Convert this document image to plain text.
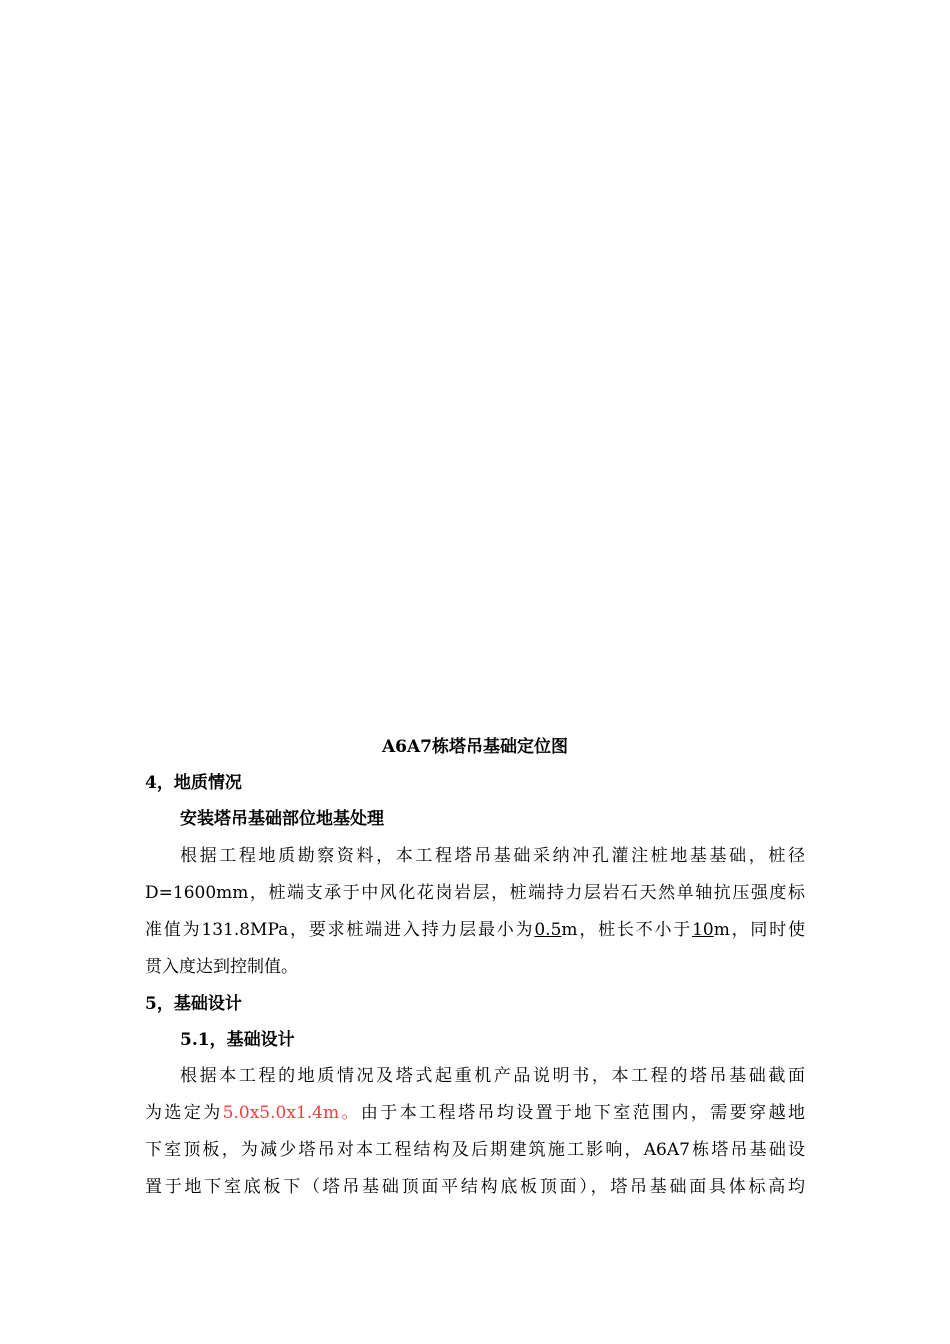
A6A7栋塔吊基础定位图
4，地质情况
安装塔吊基础部位地基处理
根据工程地质勘察资料，本工程塔吊基础采纳冲孔灌注桩地基基础，桩径
D=1600mm，桩端支承于中风化花岗岩层，桩端持力层岩石天然单轴抗压强度标
准值为131.8MPa，要求桩端进入持力层最小为0.5m，桩长不小于10m，同时使
贯入度达到控制值。
5，基础设计
5.1，基础设计
根据本工程的地质情况及塔式起重机产品说明书，本工程的塔吊基础截面
为选定为5.0x5.0x1.4m。由于本工程塔吊均设置于地下室范围内，需要穿越地
下室顶板，为减少塔吊对本工程结构及后期建筑施工影响，A6A7栋塔吊基础设
置于地下室底板下（塔吊基础顶面平结构底板顶面），塔吊基础面具体标高均
